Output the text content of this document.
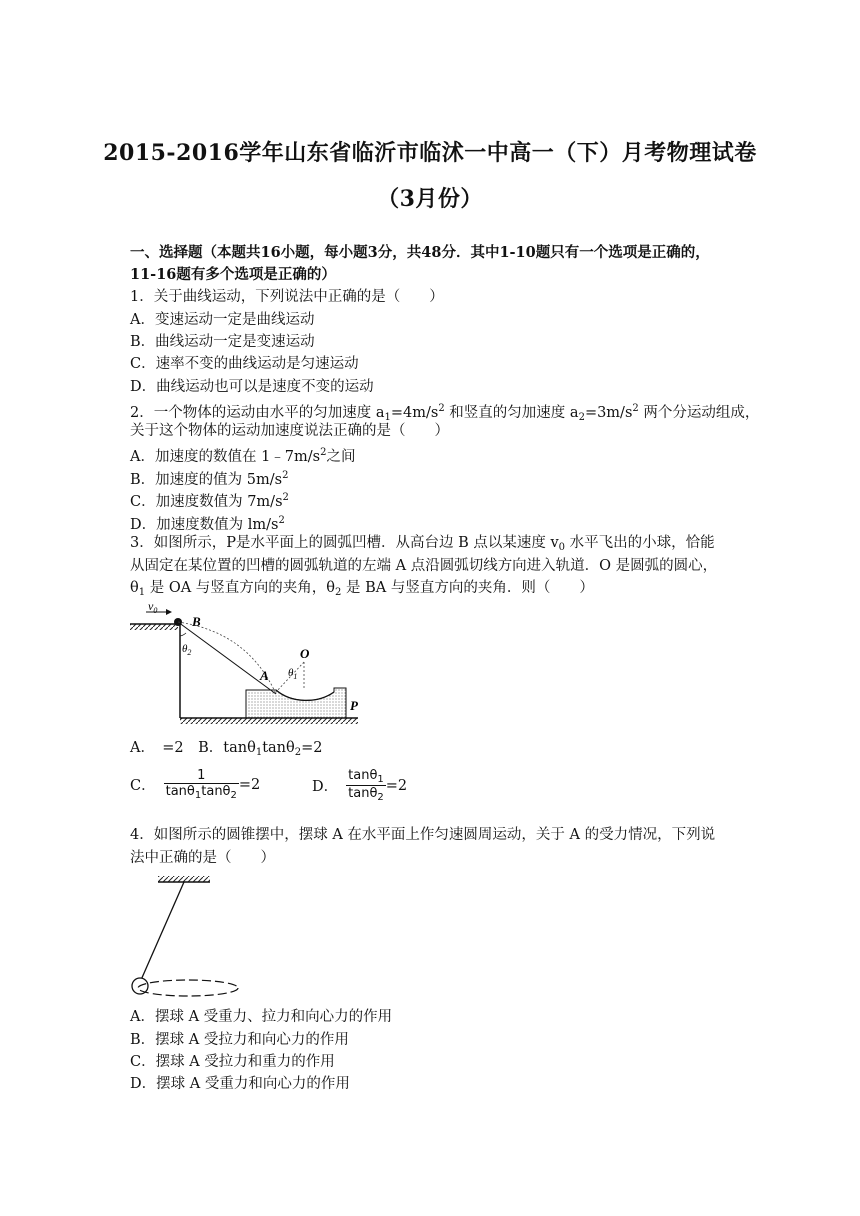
2015-2016学年山东省临沂市临沭一中高一（下）月考物理试卷
（3月份）
一、选择题（本题共16小题，每小题3分，共48分．其中1-10题只有一个选项是正确的，
11-16题有多个选项是正确的）
1．关于曲线运动，下列说法中正确的是（　　）
A．变速运动一定是曲线运动
B．曲线运动一定是变速运动
C．速率不变的曲线运动是匀速运动
D．曲线运动也可以是速度不变的运动
2．一个物体的运动由水平的匀加速度 $a_1=4m/s^2$ 和竖直的匀加速度 $a_2=3m/s^2$ 两个分运动组成，
关于这个物体的运动加速度说法正确的是（　　）
A．加速度的数值在 $1﹣7m/s^2$之间
B．加速度的值为 $5m/s^2$
C．加速度数值为 $7m/s^2$
D．加速度数值为 $lm/s^2$
3．如图所示，P是水平面上的圆弧凹槽．从高台边 B 点以某速度 $v_0$ 水平飞出的小球，恰能
从固定在某位置的凹槽的圆弧轨道的左端 A 点沿圆弧切线方向进入轨道．O 是圆弧的圆心，
$\theta_1$ 是 OA 与竖直方向的夹角，$\theta_2$ 是 BA 与竖直方向的夹角．则（　　）
$v_0$
B
$\theta_2$
A
O
$\theta_1$
P
A．　=2　 B．tanθ$_1$tanθ$_2$=2
C． $\frac{1}{\tan\theta_1\tan\theta_2} =2$	D． $\frac{\tan\theta_1}{\tan\theta_2} =2$
4．如图所示的圆锥摆中，摆球 A 在水平面上作匀速圆周运动，关于 A 的受力情况，下列说
法中正确的是（　　）
A．摆球 A 受重力、拉力和向心力的作用
B．摆球 A 受拉力和向心力的作用
C．摆球 A 受拉力和重力的作用
D．摆球 A 受重力和向心力的作用
